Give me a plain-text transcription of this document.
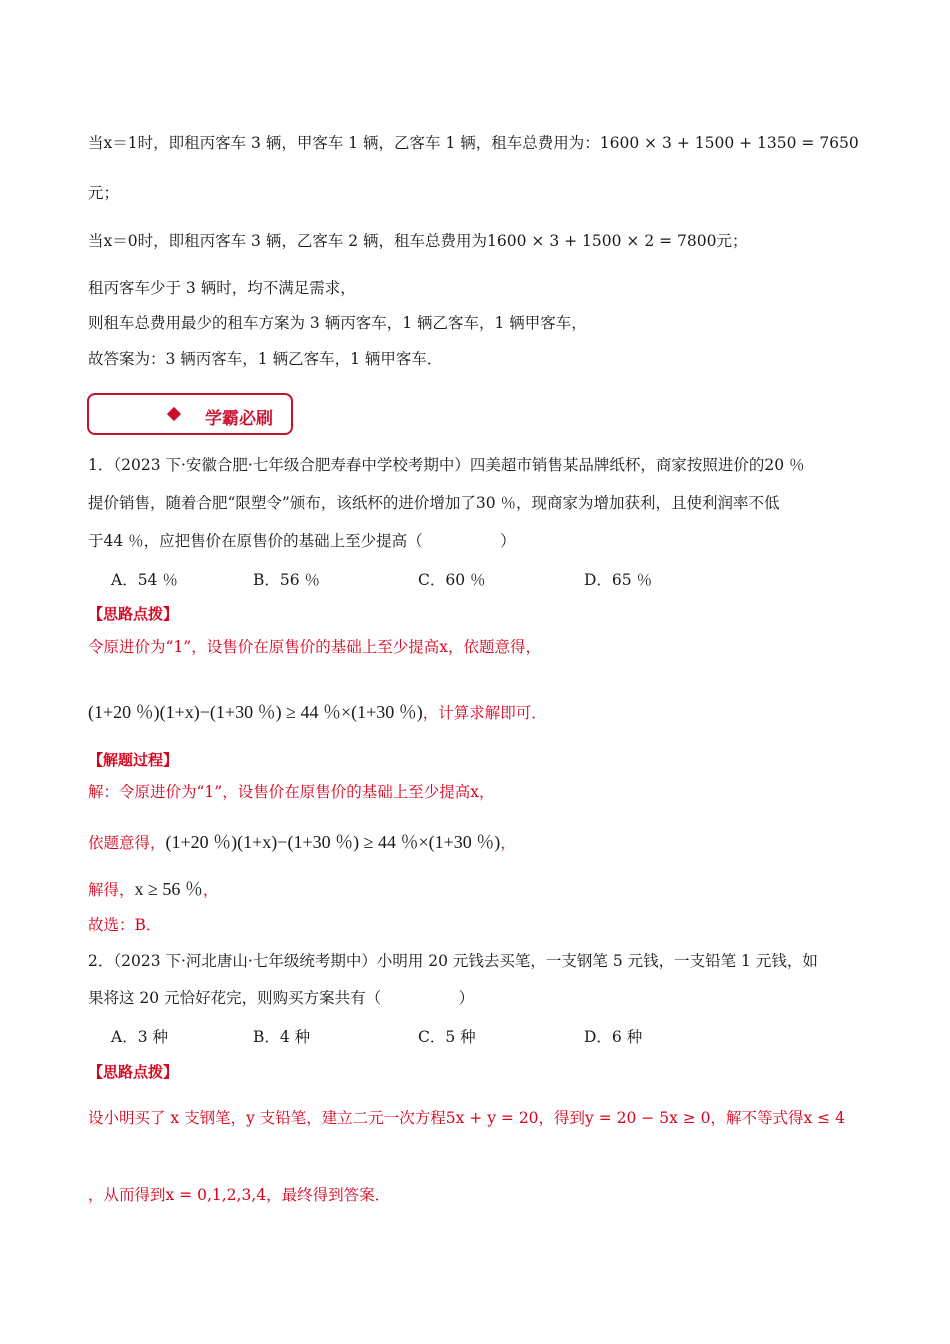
当x＝1时，即租丙客车 3 辆，甲客车 1 辆，乙客车 1 辆，租车总费用为：1600 × 3 + 1500 + 1350 = 7650
元；
当x＝0时，即租丙客车 3 辆，乙客车 2 辆，租车总费用为1600 × 3 + 1500 × 2 = 7800元；
租丙客车少于 3 辆时，均不满足需求，
则租车总费用最少的租车方案为 3 辆丙客车，1 辆乙客车，1 辆甲客车，
故答案为：3 辆丙客车，1 辆乙客车，1 辆甲客车．
学霸必刷
1．（2023 下·安徽合肥·七年级合肥寿春中学校考期中）四美超市销售某品牌纸杯，商家按照进价的20 ％
提价销售，随着合肥“限塑令”颁布，该纸杯的进价增加了30 ％，现商家为增加获利，且使利润率不低
于44 ％，应把售价在原售价的基础上至少提高（　　　　　）
A．54 ％	B．56 ％	C．60 ％	D．65 ％
【思路点拨】
令原进价为“1”，设售价在原售价的基础上至少提高x，依题意得，
(1+20 ％)(1+x)−(1+30 ％) ≥ 44 ％×(1+30 ％)，计算求解即可．
【解题过程】
解：令原进价为“1”，设售价在原售价的基础上至少提高x，
依题意得，(1+20 ％)(1+x)−(1+30 ％) ≥ 44 ％×(1+30 ％)，
解得，x ≥ 56 ％，
故选：B．
2．（2023 下·河北唐山·七年级统考期中）小明用 20 元钱去买笔，一支钢笔 5 元钱，一支铅笔 1 元钱，如
果将这 20 元恰好花完，则购买方案共有（　　　　　）
A．3 种	B．4 种	C．5 种	D．6 种
【思路点拨】
设小明买了 x 支钢笔，y 支铅笔，建立二元一次方程5x + y = 20，得到y = 20 − 5x ≥ 0，解不等式得x ≤ 4
，从而得到x = 0,1,2,3,4，最终得到答案．
